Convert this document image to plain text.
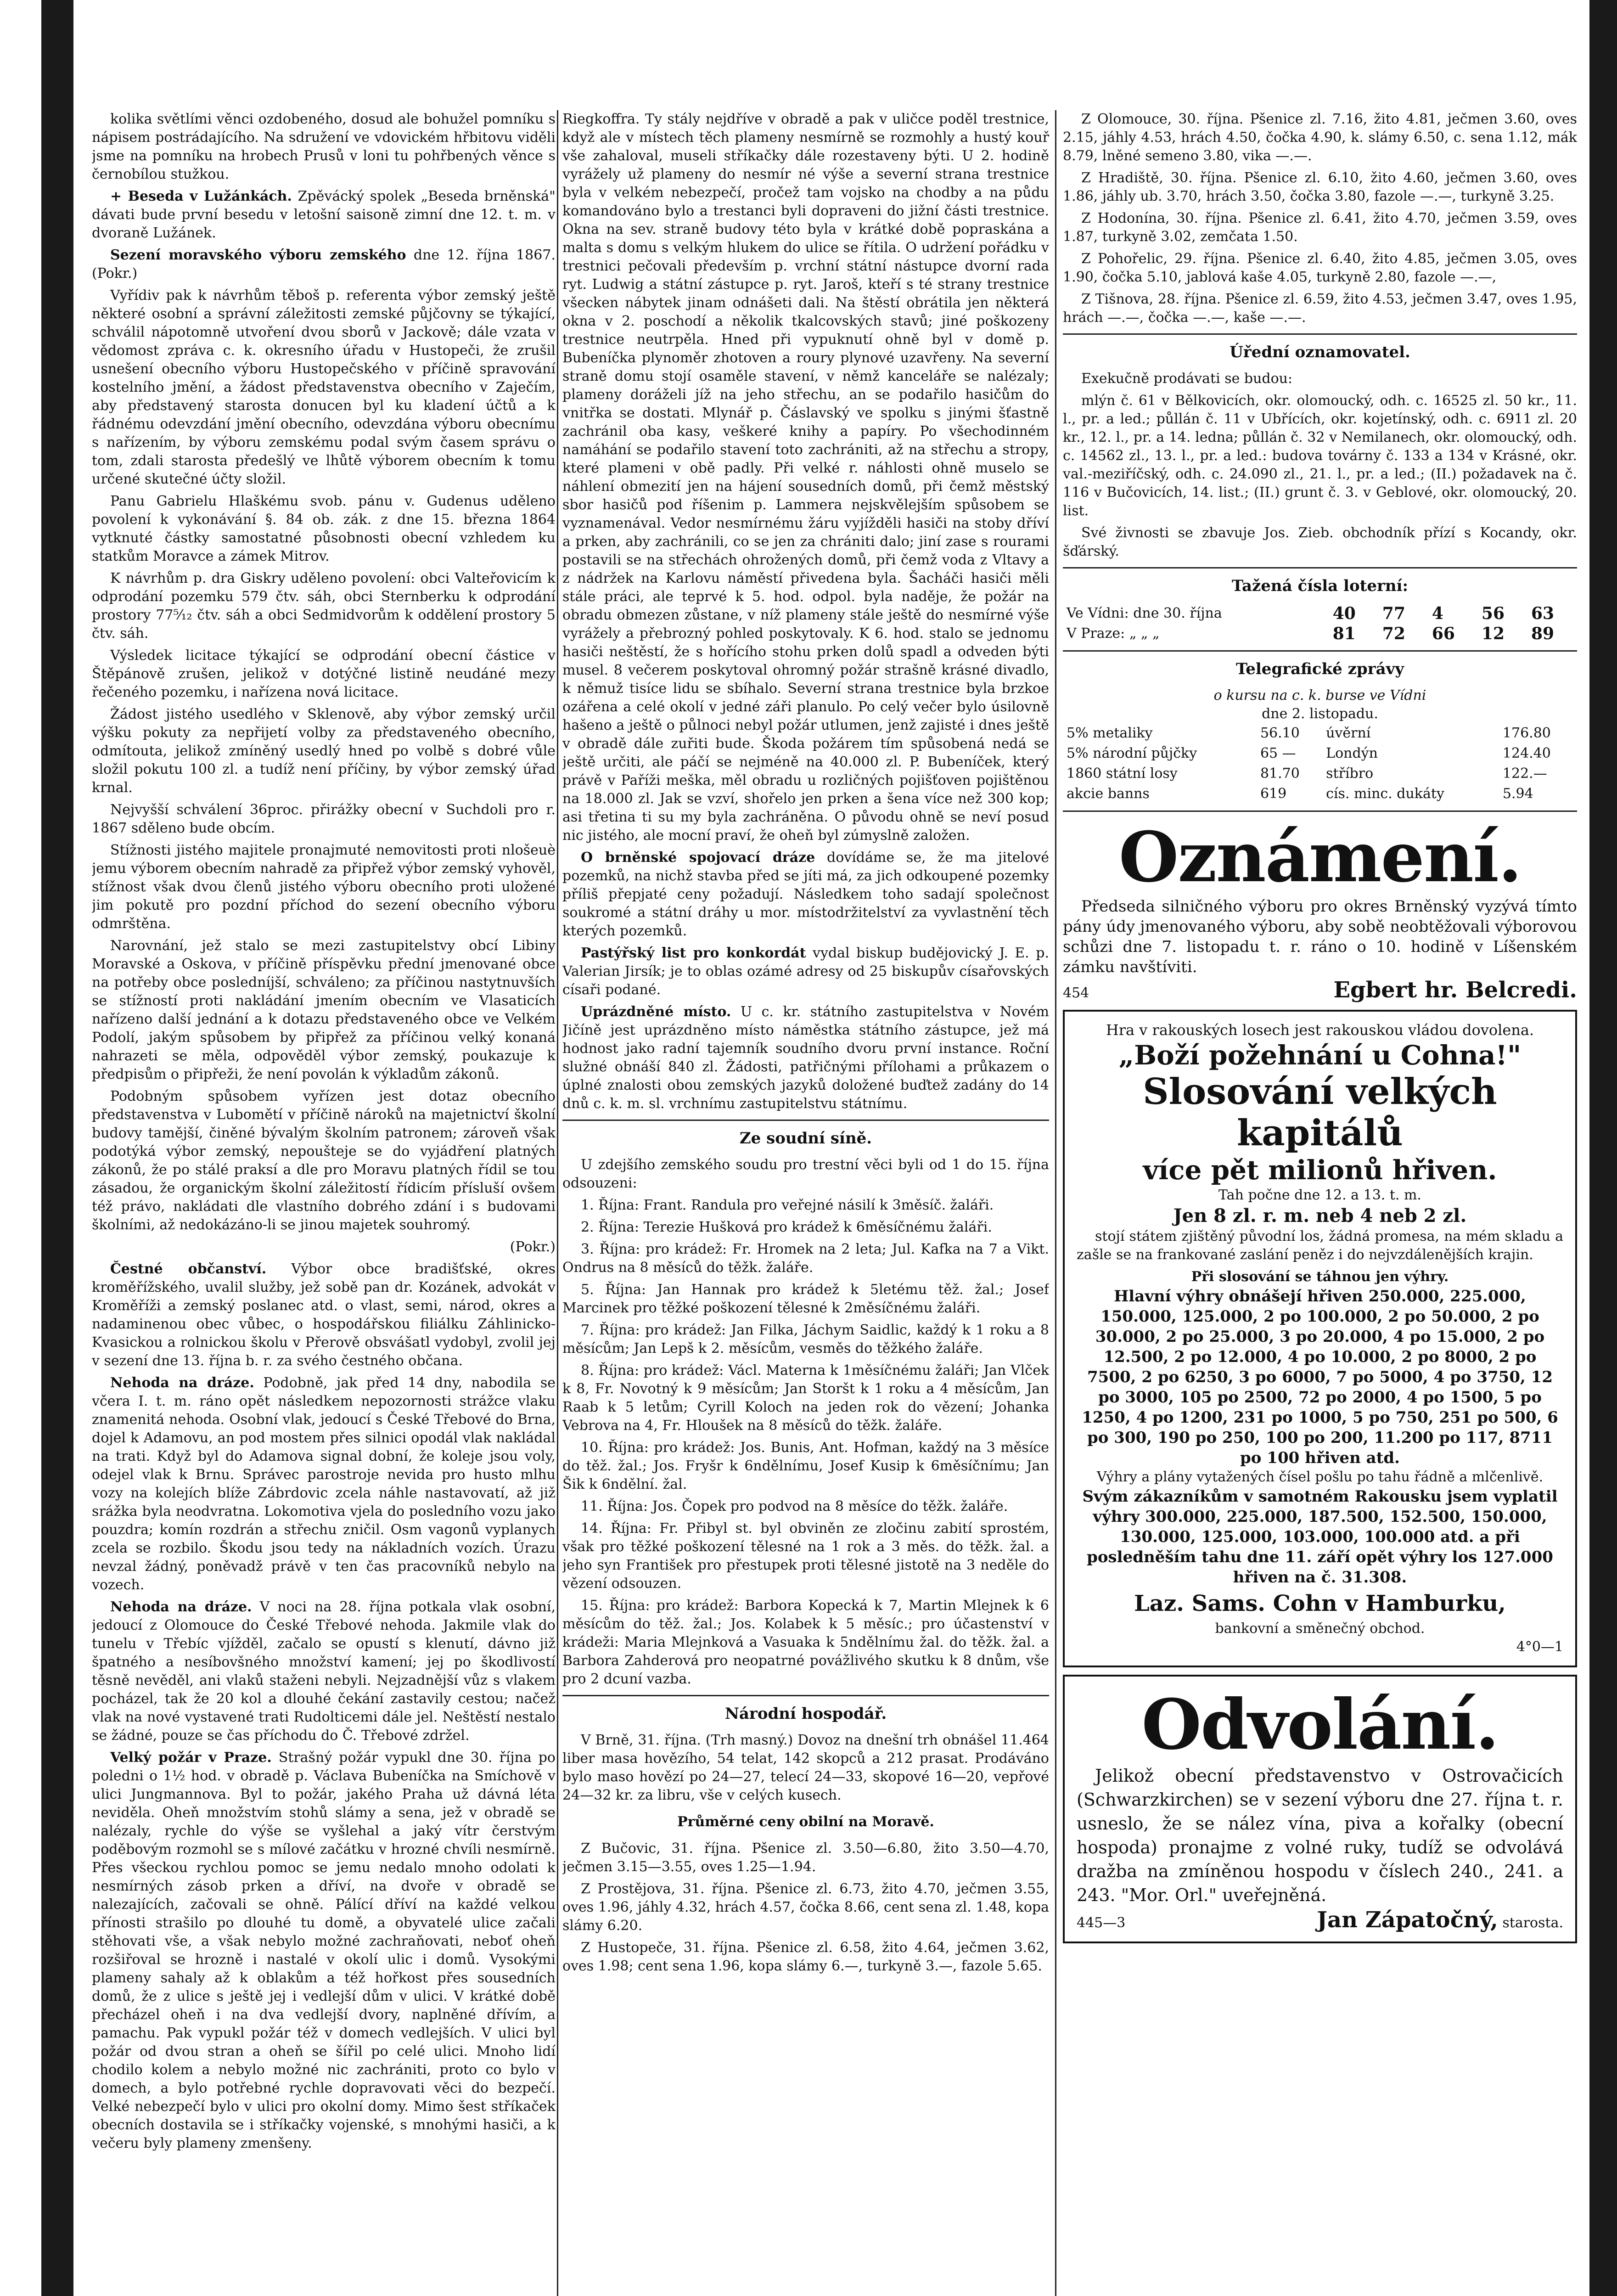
kolika světlími věnci ozdobeného, dosud ale bohužel pomníku s nápisem postrádajícího. Na sdružení ve vdovickém hřbitovu viděli jsme na pomníku na hrobech Prusů v loni tu pohřbených věnce s černobílou stužkou.

+ Beseda v Lužánkách. Zpěvácký spolek „Beseda brněnská" dávati bude první besedu v letošní saisoně zimní dne 12. t. m. v dvoraně Lužánek.

Sezení moravského výboru zemského dne 12. října 1867. (Pokr.)

Vyřídiv pak k návrhům těboš p. referenta výbor zemský ještě některé osobní a správní záležitosti zemské půjčovny se týkající, schválil nápotomně utvoření dvou sborů v Jackově; dále vzata v vědomost zpráva c. k. okresního úřadu v Hustopeči, že zrušil usnešení obecního výboru Hustopečského v příčině spravování kostelního jmění, a žádost představenstva obecního v Zaječím, aby představený starosta donucen byl ku kladení účtů a k řádnému odevzdání jmění obecního, odevzdána výboru obecnímu s nařízením, by výboru zemskému podal svým časem správu o tom, zdali starosta předešlý ve lhůtě výborem obecním k tomu určené skutečné účty složil.

Panu Gabrielu Hlaškému svob. pánu v. Gudenus udělenо povolení k vykonávání §. 84 ob. zák. z dne 15. března 1864 vytknuté částky samostatné působnosti obecní vzhledem ku statkům Moravce a zámek Mitrov.

K návrhům p. dra Giskry uděleno povolení: obci Valteřovicím k odprodání pozemku 579 čtv. sáh, obci Sternberku k odprodání prostory 77⁵⁄₁₂ čtv. sáh a obci Sedmidvorům k oddělení prostory 5 čtv. sáh.

Výsledek licitace týkající se odprodání obecní částice v Štěpánově zrušen, jelikož v dotýčné listině neudáné mezy řečeného pozemku, i nařízena nová licitace.

Žádost jistého usedlého v Sklenově, aby výbor zemský určil výšku pokuty za nepřijetí volby za představeného obecního, odmítouta, jelikož zmíněný usedlý hned po volbě s dobré vůle složil pokutu 100 zl. a tudíž není příčiny, by výbor zemský úřad krnal.

Nejvyšší schválení 36proc. přirážky obecní v Suchdoli pro r. 1867 sděleno bude obcím.

Stížnosti jistého majitele pronajmuté nemovitosti proti nlošeuè jemu výborem obecním nahradě za připřež výbor zemský vyhověl, stížnost však dvou členů jistého výboru obecního proti uložené jim pokutě pro pozdní příchod do sezení obecního výboru odmrštěna.

Narovnání, jež stalo se mezi zastupitelstvy obcí Libiny Moravské a Oskova, v příčině příspěvku přední jmenované obce na potřeby obce posledníjší, schváleno; za příčinou nastytnuvších se stížností proti nakládání jmením obecním ve Vlasaticích nařízeno další jednání a k dotazu představeného obce ve Velkém Podolí, jakým spůsobem by připřež za příčinou velký konaná nahrazeti se měla, odpověděl výbor zemský, poukazuje k předpisům o připřeži, že není povolán k výkladům zákonů.

Podobným spůsobem vyřízen jest dotaz obecního představenstva v Lubomětí v příčině nároků na majetnictví školní budovy tamější, činěné bývalým školním patronem; zároveň však podotýká výbor zemský, nepoušteje se do vyjádření platných zákonů, že po stálé praksí a dle pro Moravu platných řídil se tou zásadou, že organickým školní záležitostí řídicím přísluší ovšem též právo, nakládati dle vlastního dobrého zdání i s budovami školními, až nedokázáno-li se jinou majetek souhromý.

(Pokr.)

Čestné občanství. Výbor obce bradišťské, okres kroměřížského, uvalil služby, jež sobě pan dr. Kozánek, advokát v Kroměříži a zemský poslanec atd. o vlast, semi, národ, okres a nadaminenou obec vůbec, o hospodářskou filiálku Záhlinicko-Kvasickou a rolnickou školu v Přerově obsvášatl vydobyl, zvolil jej v sezení dne 13. října b. r. za svého čestného občana.

Nehoda na dráze. Podobně, jak před 14 dny, nabodila se včera I. t. m. ráno opět následkem nepozornosti strážce vlaku znamenitá nehoda. Osobní vlak, jedoucí s České Třebové do Brna, dojel k Adamovu, an pod mostem přes silnici opodál vlak nakládal na trati. Když byl do Adamova signal dobní, že koleje jsou voly, odejel vlak k Brnu. Správec parostroje nevida pro husto mlhu vozy na kolejích blíže Zábrdovic zcela náhle nastavovatí, až již srážka byla neodvratna. Lokomotiva vjela do posledního vozu jako pouzdra; komín rozdrán a střechu zničil. Osm vagonů vyplanych zcela se rozbilo. Škodu jsou tedy na nákladních vozích. Úrazu nevzal žádný, poněvadž právě v ten čas pracovníků nebylo na vozech.

Nehoda na dráze. V noci na 28. října potkala vlak osobní, jedoucí z Olomouce do České Třebové nehoda. Jakmile vlak do tunelu v Třebíc vjížděl, začalo se opustí s klenutí, dávno již špatného a nesíbovšného množství kamení; jej po škodlivostí těsně nevěděl, ani vlaků staženi nebyli. Nejzadnější vůz s vlakem pocházel, tak že 20 kol a dlouhé čekání zastavily cestou; načež vlak na nové vystavené trati Rudolticemi dále jel. Neštěstí nestalo se žádné, pouze se čas příchodu do Č. Třebové zdržel.

Velký požár v Praze. Strašný požár vypukl dne 30. října po poledni o 1½ hod. v obradě p. Václava Bubeníčka na Smíchově v ulici Jungmannova. Byl to požár, jakého Praha už dávná léta neviděla. Oheň množstvím stohů slámy a sena, jež v obradě se nalézaly, rychle do výše se vyšlehal a jaký vítr čerstvým poděbovým rozmohl se s mílové začátku v hrozné chvíli nesmírně. Přes všeckou rychlou pomoc se jemu nedalo mnoho odolati k nesmírných zásob prken a dříví, na dvoře v obradě se nalezajících, začovali se ohně. Pálící dříví na každé velkou přínosti strašilo po dlouhé tu domě, a obyvatelé ulice začali stěhovati vše, a však nebylo možné zachraňovati, neboť oheň rozšiřoval se hrozně i nastalé v okolí ulic i domů. Vysokými plameny sahaly až k oblakům a též hořkost přes sousedních domů, že z ulice s ještě jej i vedlejší dům v ulici. V krátké době přecházel oheň i na dva vedlejší dvory, naplněné dřívím, a pamachu. Pak vypukl požár též v domech vedlejších. V ulici byl požár od dvou stran a oheň se šířil po celé ulici. Mnoho lidí chodilo kolem a nebylo možné nic zachrániti, proto co bylo v domech, a bylo potřebné rychle dopravovati věci do bezpečí. Velké nebezpečí bylo v ulici pro okolní domy. Mimo šest stříkaček obecních dostavila se i stříkačky vojenské, s mnohými hasiči, a k večeru byly plameny zmenšeny.

Riegkoffra. Ty stály nejdříve v obradě a pak v uličce poděl trestnice, když ale v místech těch plameny nesmírně se rozmohly a hustý kouř vše zahaloval, museli stříkačky dále rozestaveny býti. U 2. hodině vyrážely už plameny do nesmír né výše a severní strana trestnice byla v velkém nebezpečí, pročež tam vojsko na chodby a na půdu komandováno bylo a trestanci byli dopraveni do jižní části trestnice. Okna na sev. straně budovy této byla v krátké době popraskána a malta s domu s velkým hlukem do ulice se řítila. O udržení pořádku v trestnici pečovali především p. vrchní státní nástupce dvorní rada ryt. Ludwig a státní zástupce p. ryt. Jaroš, kteří s té strany trestnice všecken nábytek jinam odnášeti dali. Na štěstí obrátila jen některá okna v 2. poschodí a několik tkalcovských stavů; jiné poškozeny trestnice neutrpěla. Hned při vypuknutí ohně byl v domě p. Bubeníčka plynoměr zhotoven a roury plynové uzavřeny. Na severní straně domu stojí osaměle stavení, v němž kanceláře se nalézaly; plameny doráželi jíž na jeho střechu, an se podařilo hasičům do vnitřka se dostati. Mlynář p. Čáslavský ve spolku s jinými šťastně zachránil oba kasy, veškeré knihy a papíry. Po všechodinném namáhání se podařilo stavení toto zachrániti, až na střechu a stropy, které plamenі v obě padly. Při velké r. náhlosti ohně muselo se náhlení obmezití jen na hájení sousedních domů, při čemž městský sbor hasičů pod říšenim p. Lammera nejskvělejším spůsobem se vyznamenával. Vedor nesmírnému žáru vyjížděli hasiči na stoby dříví a prken, aby zachránili, co se jen za chrániti dalo; jiní zase s rourami postavili se na střechách ohrožených domů, při čemž voda z Vltavy a z nádržek na Karlovu náměstí přivedena byla. Šacháči hasiči měli stále práci, ale teprvé k 5. hod. odpol. byla naděje, že požár na obradu obmezen zůstane, v níž plameny stále ještě do nesmírné výše vyrážely a přebrozný pohled poskytovaly. K 6. hod. stalo se jednomu hasiči neštěstí, že s hořícího stohu prken dolů spadl a odveden býti musel. 8 večerem poskytoval ohromný požár strašně krásné divadlo, k němuž tisíce lidu se sbíhalo. Severní strana trestnice byla brzkoe ozářena a celé okolí v jedné záři planulo. Po celý večer bylo úsilovně hašeno a ještě o půlnoci nebyl požár utlumen, jenž zajisté i dnes ještě v obradě dále zuřiti bude. Škoda požárem tím spůsobená nedá se ještě určiti, ale páčí se nejméně na 40.000 zl. P. Bubeníček, který právě v Paříži meška, měl obradu u rozličných pojišťoven pojištěnou na 18.000 zl. Jak se vzví, shořelo jen prken a šena více než 300 kop; asi třetina ti su my byla zachráněna. O původu ohně se neví posud nic jistého, ale mocní praví, že oheň byl zúmyslně založen.

O brněnské spojovací dráze dovídáme se, že ma jitelové pozemků, na nichž stavba před se jíti má, za jich odkoupené pozemky příliš přepjaté ceny požadují. Následkem toho sadají společnost soukromé a státní dráhy u mor. místodržitelství za vyvlastnění těch kterých pozemků.

Pastýřský list pro konkordát vydal biskup budějovický J. E. p. Valerian Jirsík; je to oblas ozámé adresy od 25 biskupův císařovských císaři podané.

Uprázdněné místo. U c. kr. státního zastupitelstva v Novém Jičíně jest uprázdněno místo náměstka státního zástupce, jež má hodnost jako radní tajemník soudního dvoru první instance. Roční služné obnáší 840 zl. Žádosti, patřičnými přílohami a průkazem o úplné znalosti obou zemských jazyků doložené buďtež zadány do 14 dnů c. k. m. sl. vrchnímu zastupitelstvu státnímu.

Ze soudní síně.

U zdejšího zemského soudu pro trestní věci byli od 1 do 15. října odsouzeni:

1. Října: Frant. Randula pro veřejné násilí k 3měsíč. žaláři.

2. Října: Terezie Hušková pro krádež k 6měsíčnému žaláři.

3. Října: pro krádež: Fr. Hromek na 2 leta; Jul. Kafka na 7 a Vikt. Ondrus na 8 měsíců do těžk. žaláře.

5. Října: Jan Hannak pro krádež k 5letému těž. žal.; Josef Marcinek pro těžké poškození tělesné k 2měsíčnému žaláři.

7. Října: pro krádež: Jan Filka, Jáchym Saidlic, každý k 1 roku a 8 měsícům; Jan Lepš k 2. měsícům, vesměs do těžkého žaláře.

8. Října: pro krádež: Václ. Materna k 1měsíčnému žaláři; Jan Vlček k 8, Fr. Novotný k 9 měsícům; Jan Storšt k 1 roku a 4 měsícům, Jan Raab k 5 letům; Cyrill Koloch na jeden rok do vězení; Johanka Vebrova na 4, Fr. Hloušek na 8 měsíců do těžk. žaláře.

10. Října: pro krádež: Jos. Bunis, Ant. Hofman, každý na 3 měsíce do těž. žal.; Jos. Fryšr k 6ndělnímu, Josef Kusip k 6měsíčnímu; Jan Šik k 6ndělní. žal.

11. Října: Jos. Čopek pro podvod na 8 měsíce do těžk. žaláře.

14. Října: Fr. Přibyl st. byl obviněn ze zločinu zabití sprostém, však pro těžké poškození tělesné na 1 rok a 3 měs. do těžk. žal. a jeho syn František pro přestupek proti tělesné jistotě na 3 neděle do vězení odsouzen.

15. Října: pro krádež: Barbora Kopecká k 7, Martin Mlejnek k 6 měsícům do těž. žal.; Jos. Kolabek k 5 měsíc.; pro účastenství v krádeži: Maria Mlejnková a Vasuaka k 5ndělnímu žal. do těžk. žal. a Barbora Zahderová pro neopatrné povážlivého skutku k 8 dnům, vše pro 2 dcuní vazba.

Národní hospodář.

V Brně, 31. října. (Trh masný.) Dovoz na dnešní trh obnášel 11.464 liber masa hovězího, 54 telat, 142 skopců a 212 prasat. Prodáváno bylo maso hovězí po 24—27, telecí 24—33, skopové 16—20, vepřové 24—32 kr. za libru, vše v celých kusech.

Průměrné ceny obilní na Moravě.

Z Bučovic, 31. října. Pšenice zl. 3.50—6.80, žito 3.50—4.70, ječmen 3.15—3.55, oves 1.25—1.94.

Z Prostějova, 31. října. Pšenice zl. 6.73, žito 4.70, ječmen 3.55, oves 1.96, jáhly 4.32, hrách 4.57, čočka 8.66, cent sena zl. 1.48, kopa slámy 6.20.

Z Hustopeče, 31. října. Pšenice zl. 6.58, žito 4.64, ječmen 3.62, oves 1.98; cent sena 1.96, kopa slámy 6.—, turkyně 3.—, fazole 5.65.

Z Olomouce, 30. října. Pšenice zl. 7.16, žito 4.81, ječmen 3.60, oves 2.15, jáhly 4.53, hrách 4.50, čočka 4.90, k. slámy 6.50, c. sena 1.12, mák 8.79, lněné semeno 3.80, vika —.—.

Z Hradiště, 30. října. Pšenice zl. 6.10, žito 4.60, ječmen 3.60, oves 1.86, jáhly ub. 3.70, hrách 3.50, čočka 3.80, fazole —.—, turkyně 3.25.

Z Hodonína, 30. října. Pšenice zl. 6.41, žito 4.70, ječmen 3.59, oves 1.87, turkyně 3.02, zemčata 1.50.

Z Pohořelic, 29. října. Pšenice zl. 6.40, žito 4.85, ječmen 3.05, oves 1.90, čočka 5.10, jablová kaše 4.05, turkyně 2.80, fazole —.—,

Z Tišnova, 28. října. Pšenice zl. 6.59, žito 4.53, ječmen 3.47, oves 1.95, hrách —.—, čočka —.—, kaše —.—.

Úřední oznamovatel.

Exekučně prodávati se budou:

mlýn č. 61 v Bělkovicích, okr. olomoucký, odh. c. 16525 zl. 50 kr., 11. l., pr. a led.; půllán č. 11 v Ubřících, okr. kojetínský, odh. c. 6911 zl. 20 kr., 12. l., pr. a 14. ledna; půllán č. 32 v Nemilanech, okr. olomoucký, odh. c. 14562 zl., 13. l., pr. a led.: budova továrny č. 133 a 134 v Krásné, okr. val.-meziříčský, odh. c. 24.090 zl., 21. l., pr. a led.; (II.) požadavek na č. 116 v Bučovicích, 14. list.; (II.) grunt č. 3. v Geblové, okr. olomoucký, 20. list.

Své živnosti se zbavuje Jos. Zieb. obchodník přízí s Kocandy, okr. šďárský.

Tažená čísla loterní:
Ve Vídni: dne 30. října	40	77	4	56	63
V Praze: „ „ „	81	72	66	12	89
Telegrafické zprávy
o kursu na c. k. burse ve Vídni
dne 2. listopadu.
5% metaliky	56.10	úvěrní	176.80
5% národní půjčky	65 —	Londýn	124.40
1860 státní losy	81.70	stříbro	122.—
akcie banns	619	cís. minc. dukáty	5.94
Oznámení.

Předseda silničného výboru pro okres Brněnský vyzývá tímto pány údy jmenovaného výboru, aby sobě neobtěžovali výborovou schůzi dne 7. listopadu t. r. ráno o 10. hodině v Líšenském zámku navštíviti.

454	Egbert hr. Belcredi.
Hra v rakouských losech jest rakouskou vládou dovolena.
„Boží požehnání u Cohna!"
Slosování velkých kapitálů
více pět milionů hřiven.
Tah počne dne 12. a 13. t. m.
Jen 8 zl. r. m. neb 4 neb 2 zl.

stojí státem zjištěný původní los, žádná promesa, na mém skladu a zašle se na frankované zaslání peněz i do nejvzdálenějších krajin.

Při slosování se táhnou jen výhry.
Hlavní výhry obnášejí hřiven 250.000, 225.000, 150.000, 125.000, 2 po 100.000, 2 po 50.000, 2 po 30.000, 2 po 25.000, 3 po 20.000, 4 po 15.000, 2 po 12.500, 2 po 12.000, 4 po 10.000, 2 po 8000, 2 po 7500, 2 po 6250, 3 po 6000, 7 po 5000, 4 po 3750, 12 po 3000, 105 po 2500, 72 po 2000, 4 po 1500, 5 po 1250, 4 po 1200, 231 po 1000, 5 po 750, 251 po 500, 6 po 300, 190 po 250, 100 po 200, 11.200 po 117, 8711 po 100 hřiven atd.
Výhry a plány vytažených čísel pošlu po tahu řádně a mlčenlivě.
Svým zákazníkům v samotném Rakousku jsem vyplatil výhry 300.000, 225.000, 187.500, 152.500, 150.000, 130.000, 125.000, 103.000, 100.000 atd. a při posledněším tahu dne 11. září opět výhry los 127.000 hřiven na č. 31.308.
Laz. Sams. Cohn v Hamburku,
bankovní a směnečný obchod.
4°0—1
Odvolání.

Jelikož obecní představenstvo v Ostrovačicích (Schwarzkirchen) se v sezení výboru dne 27. října t. r. usneslo, že se nález vína, piva a kořalky (obecní hospoda) pronajme z volné ruky, tudíž se odvolává dražba na zmíněnou hospodu v číslech 240., 241. a 243. "Mor. Orl." uveřejněná.

445—3	Jan Zápatočný, starosta.
